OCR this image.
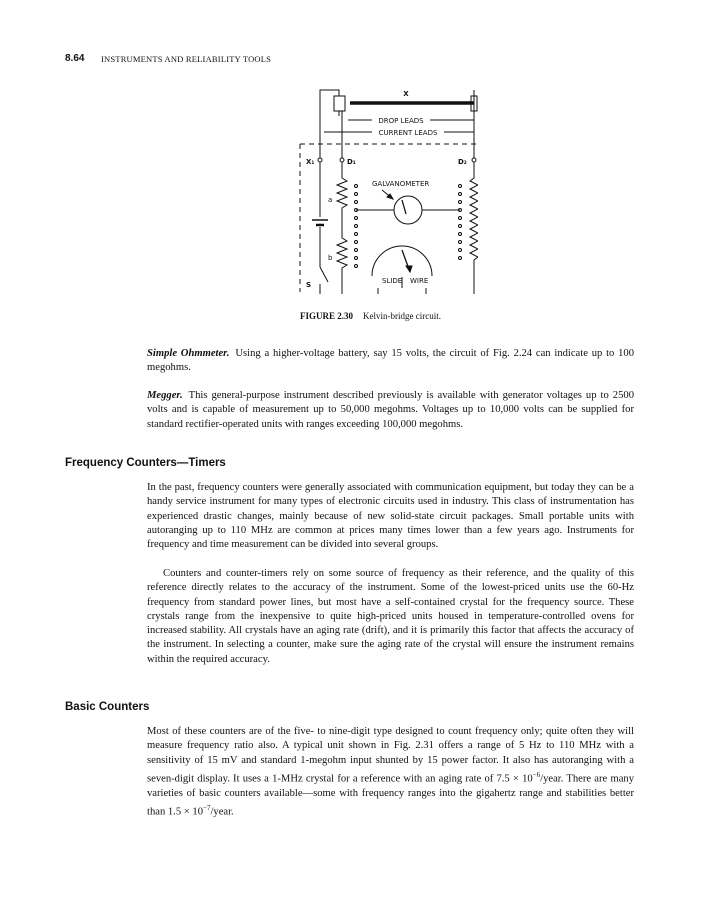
8.64 INSTRUMENTS AND RELIABILITY TOOLS
X
DROP LEADS
CURRENT LEADS
X₁	D₁	D₂
GALVANOMETER
a
b
S	SLIDE WIRE
FIGURE 2.30 Kelvin-bridge circuit.

Simple Ohmmeter. Using a higher-voltage battery, say 15 volts, the circuit of Fig. 2.24 can indicate up to 100 megohms.

Megger. This general-purpose instrument described previously is available with generator voltages up to 2500 volts and is capable of measurement up to 50,000 megohms. Voltages up to 10,000 volts can be supplied for standard rectifier-operated units with ranges exceeding 100,000 megohms.

Frequency Counters—Timers

In the past, frequency counters were generally associated with communication equipment, but today they can be a handy service instrument for many types of electronic circuits used in industry. This class of instrumentation has experienced drastic changes, mainly because of new solid-state circuit packages. Small portable units with autoranging up to 110 MHz are common at prices many times lower than a few years ago. Instruments for frequency and time measurement can be divided into several groups.

Counters and counter-timers rely on some source of frequency as their reference, and the quality of this reference directly relates to the accuracy of the instrument. Some of the lowest-priced units use the 60-Hz frequency from standard power lines, but most have a self-contained crystal for the frequency source. These crystals range from the inexpensive to quite high-priced units housed in temperature-controlled ovens for increased stability. All crystals have an aging rate (drift), and it is primarily this factor that affects the accuracy of the instrument. In selecting a counter, make sure the aging rate of the crystal will ensure the instrument remains within the required accuracy.

Basic Counters

Most of these counters are of the five- to nine-digit type designed to count frequency only; quite often they will measure frequency ratio also. A typical unit shown in Fig. 2.31 offers a range of 5 Hz to 110 MHz with a sensitivity of 15 mV and standard 1-megohm input shunted by 15 power factor. It also has autoranging with a seven-digit display. It uses a 1-MHz crystal for a reference with an aging rate of $7.5 \times 10^{-6}$/year. There are many varieties of basic counters available—some with frequency ranges into the gigahertz range and stabilities better than $1.5 \times 10^{-7}$/year.
